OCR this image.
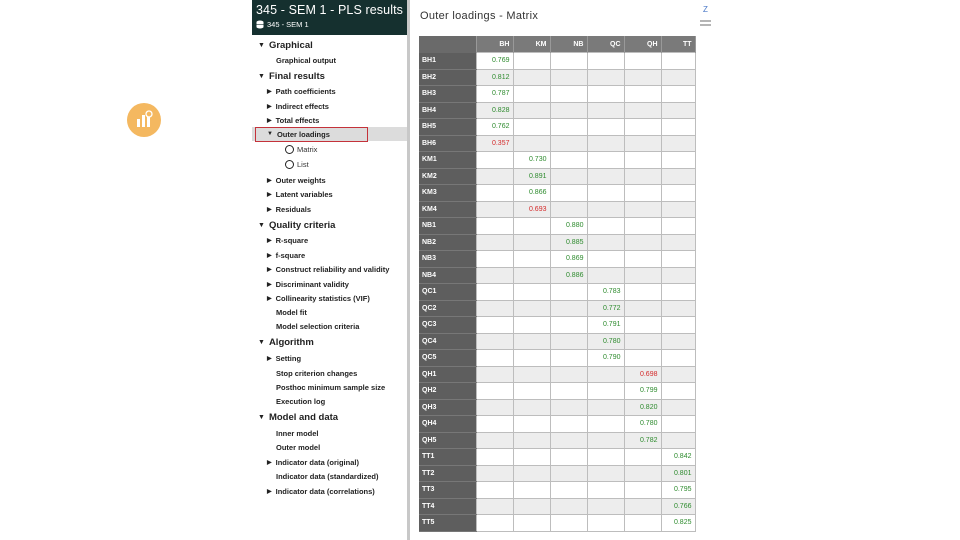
345 - SEM 1 - PLS results
345 - SEM 1
▼ Graphical
Graphical output
▼ Final results
▶ Path coefficients
▶ Indirect effects
▶ Total effects
▼ Outer loadings
Matrix
List
▶ Outer weights
▶ Latent variables
▶ Residuals
▼ Quality criteria
▶ R-square
▶ f-square
▶ Construct reliability and validity
▶ Discriminant validity
▶ Collinearity statistics (VIF)
Model fit
Model selection criteria
▼ Algorithm
▶ Setting
Stop criterion changes
Posthoc minimum sample size
Execution log
▼ Model and data
Inner model
Outer model
▶ Indicator data (original)
Indicator data (standardized)
▶ Indicator data (correlations)
Outer loadings - Matrix
Z
	BH	KM	NB	QC	QH	TT
BH1	0.769					
BH2	0.812					
BH3	0.787					
BH4	0.828					
BH5	0.762					
BH6	0.357					
KM1		0.730				
KM2		0.891				
KM3		0.866				
KM4		0.693				
NB1			0.880			
NB2			0.885			
NB3			0.869			
NB4			0.886			
QC1				0.783		
QC2				0.772		
QC3				0.791		
QC4				0.780		
QC5				0.790		
QH1					0.698	
QH2					0.799	
QH3					0.820	
QH4					0.780	
QH5					0.782	
TT1						0.842
TT2						0.801
TT3						0.795
TT4						0.766
TT5						0.825
